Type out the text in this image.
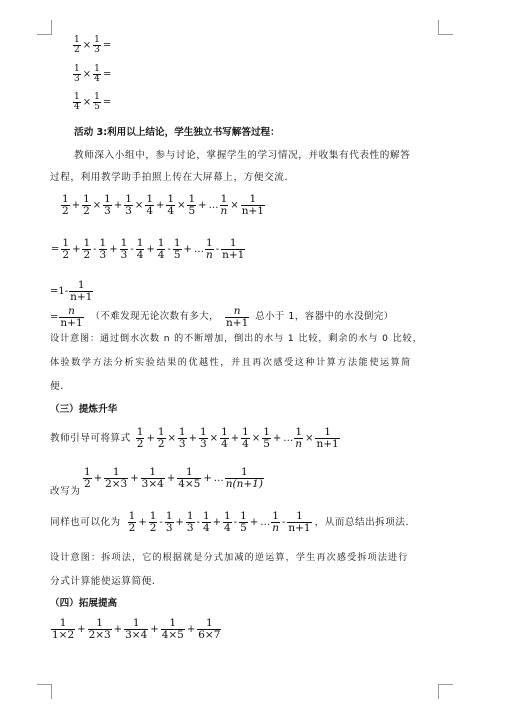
$\frac{1}{2} \times \frac{1}{3}$ =
$\frac{1}{3} \times \frac{1}{4}$ =
$\frac{1}{4} \times \frac{1}{5}$ =
活动 3:利用以上结论，学生独立书写解答过程：
教师深入小组中，参与讨论，掌握学生的学习情况，并收集有代表性的解答
过程，利用教学助手拍照上传在大屏幕上，方便交流．
$\frac{1}{2} + \frac{1}{2} \times \frac{1}{3} + \frac{1}{3} \times \frac{1}{4} + \frac{1}{4} \times \frac{1}{5}$ + … $\frac{1}{n} \times \frac{1}{n+1}$
= $\frac{1}{2} + \frac{1}{2} - \frac{1}{3} + \frac{1}{3} - \frac{1}{4} + \frac{1}{4} - \frac{1}{5}$ + … $\frac{1}{n} - \frac{1}{n+1}$
$=1- \frac{1}{n+1}$
= $\frac{n}{n+1}$ （不难发现无论次数有多大， $\frac{n}{n+1}$ 总小于 1，容器中的水没倒完）
设计意图：通过倒水次数 n 的不断增加，倒出的水与 1 比较，剩余的水与 0 比较，
体验数学方法分析实验结果的优越性，并且再次感受这种计算方法能使运算简
便．
（三）提炼升华
教师引导可将算式 $\frac{1}{2} + \frac{1}{2} \times \frac{1}{3} + \frac{1}{3} \times \frac{1}{4} + \frac{1}{4} \times \frac{1}{5}$ + … $\frac{1}{n} \times \frac{1}{n+1}$
$\frac{1}{2} + \frac{1}{2\times 3} + \frac{1}{3\times 4} + \frac{1}{4\times 5}$ + … $\frac{1}{n(n+1)}$
改写为
同样也可以化为 $\frac{1}{2} + \frac{1}{2} - \frac{1}{3} + \frac{1}{3} - \frac{1}{4} + \frac{1}{4} - \frac{1}{5}$ + … $\frac{1}{n} - \frac{1}{n+1}$ ，从而总结出拆项法．
设计意图：拆项法，它的根据就是分式加减的逆运算，学生再次感受拆项法进行
分式计算能使运算简便．
（四）拓展提高
$\frac{1}{1\times 2} + \frac{1}{2\times 3} + \frac{1}{3\times 4} + \frac{1}{4\times 5} + \frac{1}{6\times 7}$
